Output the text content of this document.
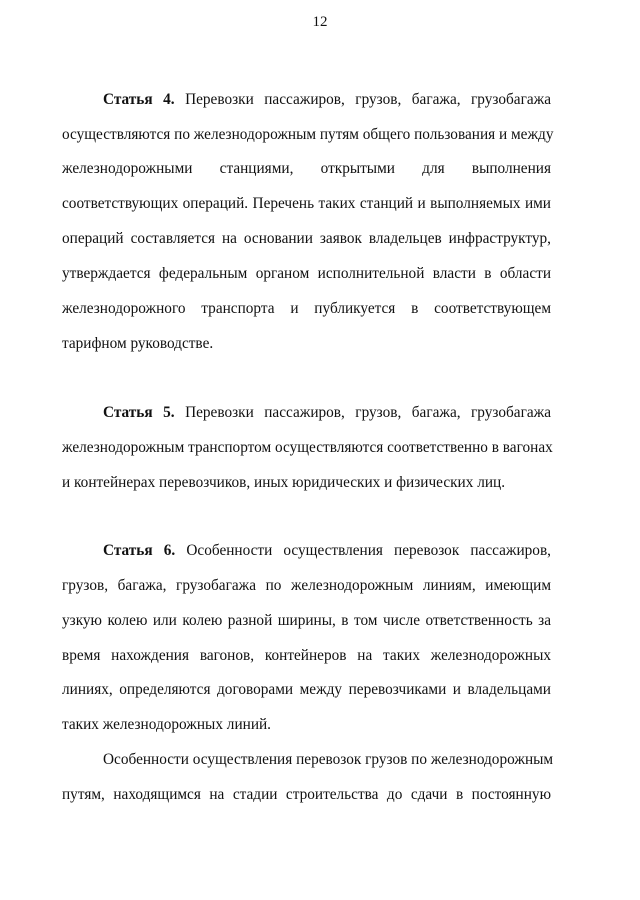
12
Статья 4. Перевозки пассажиров, грузов, багажа, грузобагажа
осуществляются по железнодорожным путям общего пользования и между
железнодорожными станциями, открытыми для выполнения
соответствующих операций. Перечень таких станций и выполняемых ими
операций составляется на основании заявок владельцев инфраструктур,
утверждается федеральным органом исполнительной власти в области
железнодорожного транспорта и публикуется в соответствующем
тарифном руководстве.
Статья 5. Перевозки пассажиров, грузов, багажа, грузобагажа
железнодорожным транспортом осуществляются соответственно в вагонах
и контейнерах перевозчиков, иных юридических и физических лиц.
Статья 6. Особенности осуществления перевозок пассажиров,
грузов, багажа, грузобагажа по железнодорожным линиям, имеющим
узкую колею или колею разной ширины, в том числе ответственность за
время нахождения вагонов, контейнеров на таких железнодорожных
линиях, определяются договорами между перевозчиками и владельцами
таких железнодорожных линий.
Особенности осуществления перевозок грузов по железнодорожным
путям, находящимся на стадии строительства до сдачи в постоянную
